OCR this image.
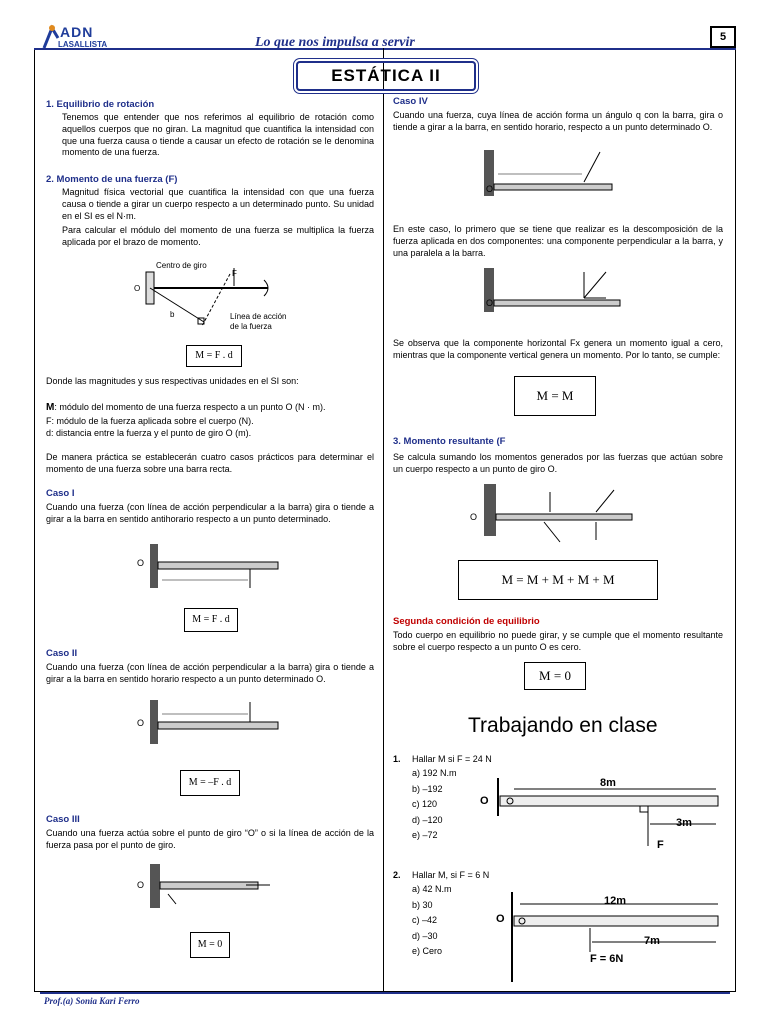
ADN
LASALLISTA	Lo que nos impulsa a servir	5
ESTÁTICA II
1. Equilibrio de rotación
Tenemos que entender que nos referimos al equilibrio de rotación como aquellos cuerpos que no giran. La magnitud que cuantifica la intensidad con que una fuerza causa o tiende a causar un efecto de rotación se le denomina momento de una fuerza.
2. Momento de una fuerza (F)
Magnitud física vectorial que cuantifica la intensidad con que una fuerza causa o tiende a girar un cuerpo respecto a un determinado punto. Su unidad en el SI es el N·m.
Para calcular el módulo del momento de una fuerza se multiplica la fuerza aplicada por el brazo de momento.
Centro de giro
F
O
b	Línea de acción
de la fuerza
M = F . d
Donde las magnitudes y sus respectivas unidades en el SI son:
M: módulo del momento de una fuerza respecto a un punto O (N · m).
F: módulo de la fuerza aplicada sobre el cuerpo (N).
d: distancia entre la fuerza y el punto de giro O (m).
De manera práctica se establecerán cuatro casos prácticos para determinar el momento de una fuerza sobre una barra recta.
Caso I
Cuando una fuerza (con línea de acción perpendicular a la barra) gira o tiende a girar a la barra en sentido antihorario respecto a un punto determinado.
O
M = F . d
Caso II
Cuando una fuerza (con línea de acción perpendicular a la barra) gira o tiende a girar a la barra en sentido horario respecto a un punto determinado O.
O
M = –F . d
Caso III
Cuando una fuerza actúa sobre el punto de giro “O” o si la línea de acción de la fuerza pasa por el punto de giro.
O
M = 0
Caso IV
Cuando una fuerza, cuya línea de acción forma un ángulo q con la barra, gira o tiende a girar a la barra, en sentido horario, respecto a un punto determinado O.
O
En este caso, lo primero que se tiene que realizar es la descomposición de la fuerza aplicada en dos componentes: una componente perpendicular a la barra, y una paralela a la barra.
O
Se observa que la componente horizontal Fx genera un momento igual a cero, mientras que la componente vertical genera un momento. Por lo tanto, se cumple:
M = M
3. Momento resultante (F
Se calcula sumando los momentos generados por las fuerzas que actúan sobre un cuerpo respecto a un punto de giro O.
O
M = M + M + M + M
Segunda condición de equilibrio
Todo cuerpo en equilibrio no puede girar, y se cumple que el momento resultante sobre el cuerpo respecto a un punto O es cero.
M = 0
Trabajando en clase
1. Hallar M si F = 24 N
a) 192 N.m
b) –192
c) 120
d) –120
e) –72
8m
O
3m
F
2. Hallar M, si F = 6 N
a) 42 N.m
b) 30
c) –42
d) –30
e) Cero
12m
O
7m
F = 6N
Prof.(a) Sonia Kari Ferro
